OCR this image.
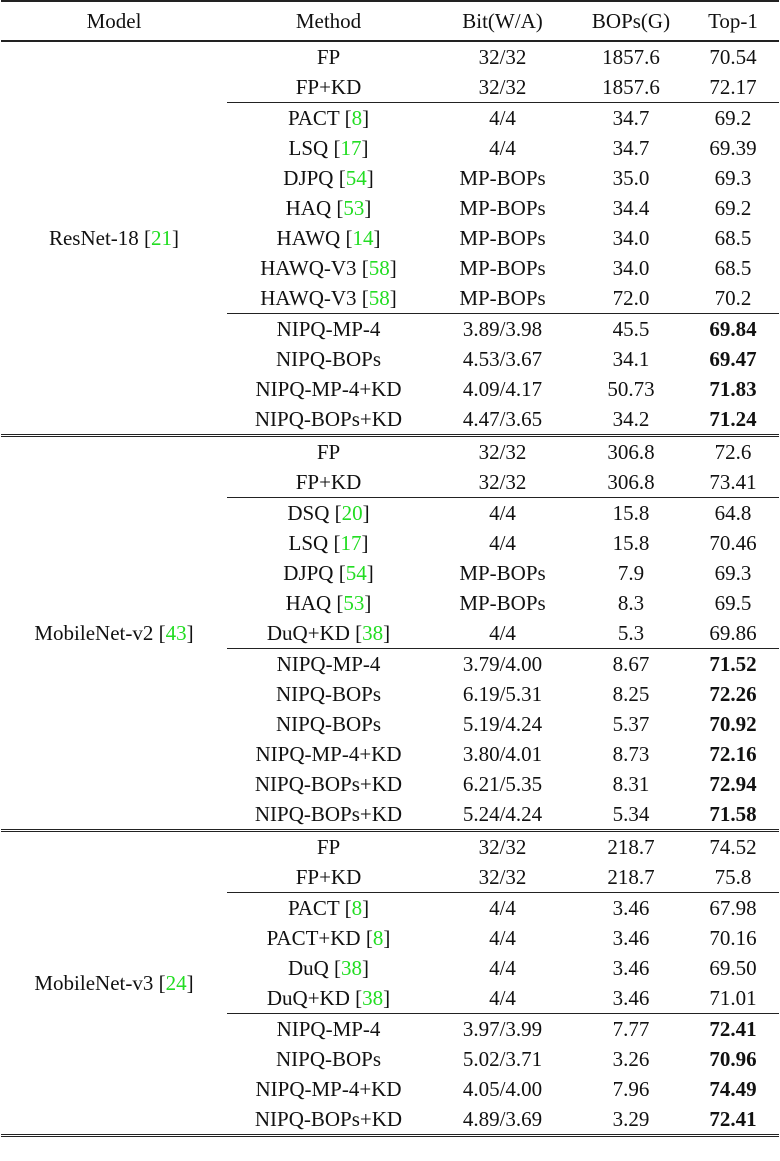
Model	Method	Bit(W/A)	BOPs(G)	Top-1
ResNet-18 [21]	FP	32/32	1857.6	70.54
	FP+KD	32/32	1857.6	72.17
	PACT [8]	4/4	34.7	69.2
	LSQ [17]	4/4	34.7	69.39
	DJPQ [54]	MP-BOPs	35.0	69.3
	HAQ [53]	MP-BOPs	34.4	69.2
	HAWQ [14]	MP-BOPs	34.0	68.5
	HAWQ-V3 [58]	MP-BOPs	34.0	68.5
	HAWQ-V3 [58]	MP-BOPs	72.0	70.2
	NIPQ-MP-4	3.89/3.98	45.5	69.84
	NIPQ-BOPs	4.53/3.67	34.1	69.47
	NIPQ-MP-4+KD	4.09/4.17	50.73	71.83
	NIPQ-BOPs+KD	4.47/3.65	34.2	71.24
MobileNet-v2 [43]	FP	32/32	306.8	72.6
	FP+KD	32/32	306.8	73.41
	DSQ [20]	4/4	15.8	64.8
	LSQ [17]	4/4	15.8	70.46
	DJPQ [54]	MP-BOPs	7.9	69.3
	HAQ [53]	MP-BOPs	8.3	69.5
	DuQ+KD [38]	4/4	5.3	69.86
	NIPQ-MP-4	3.79/4.00	8.67	71.52
	NIPQ-BOPs	6.19/5.31	8.25	72.26
	NIPQ-BOPs	5.19/4.24	5.37	70.92
	NIPQ-MP-4+KD	3.80/4.01	8.73	72.16
	NIPQ-BOPs+KD	6.21/5.35	8.31	72.94
	NIPQ-BOPs+KD	5.24/4.24	5.34	71.58
MobileNet-v3 [24]	FP	32/32	218.7	74.52
	FP+KD	32/32	218.7	75.8
	PACT [8]	4/4	3.46	67.98
	PACT+KD [8]	4/4	3.46	70.16
	DuQ [38]	4/4	3.46	69.50
	DuQ+KD [38]	4/4	3.46	71.01
	NIPQ-MP-4	3.97/3.99	7.77	72.41
	NIPQ-BOPs	5.02/3.71	3.26	70.96
	NIPQ-MP-4+KD	4.05/4.00	7.96	74.49
	NIPQ-BOPs+KD	4.89/3.69	3.29	72.41
